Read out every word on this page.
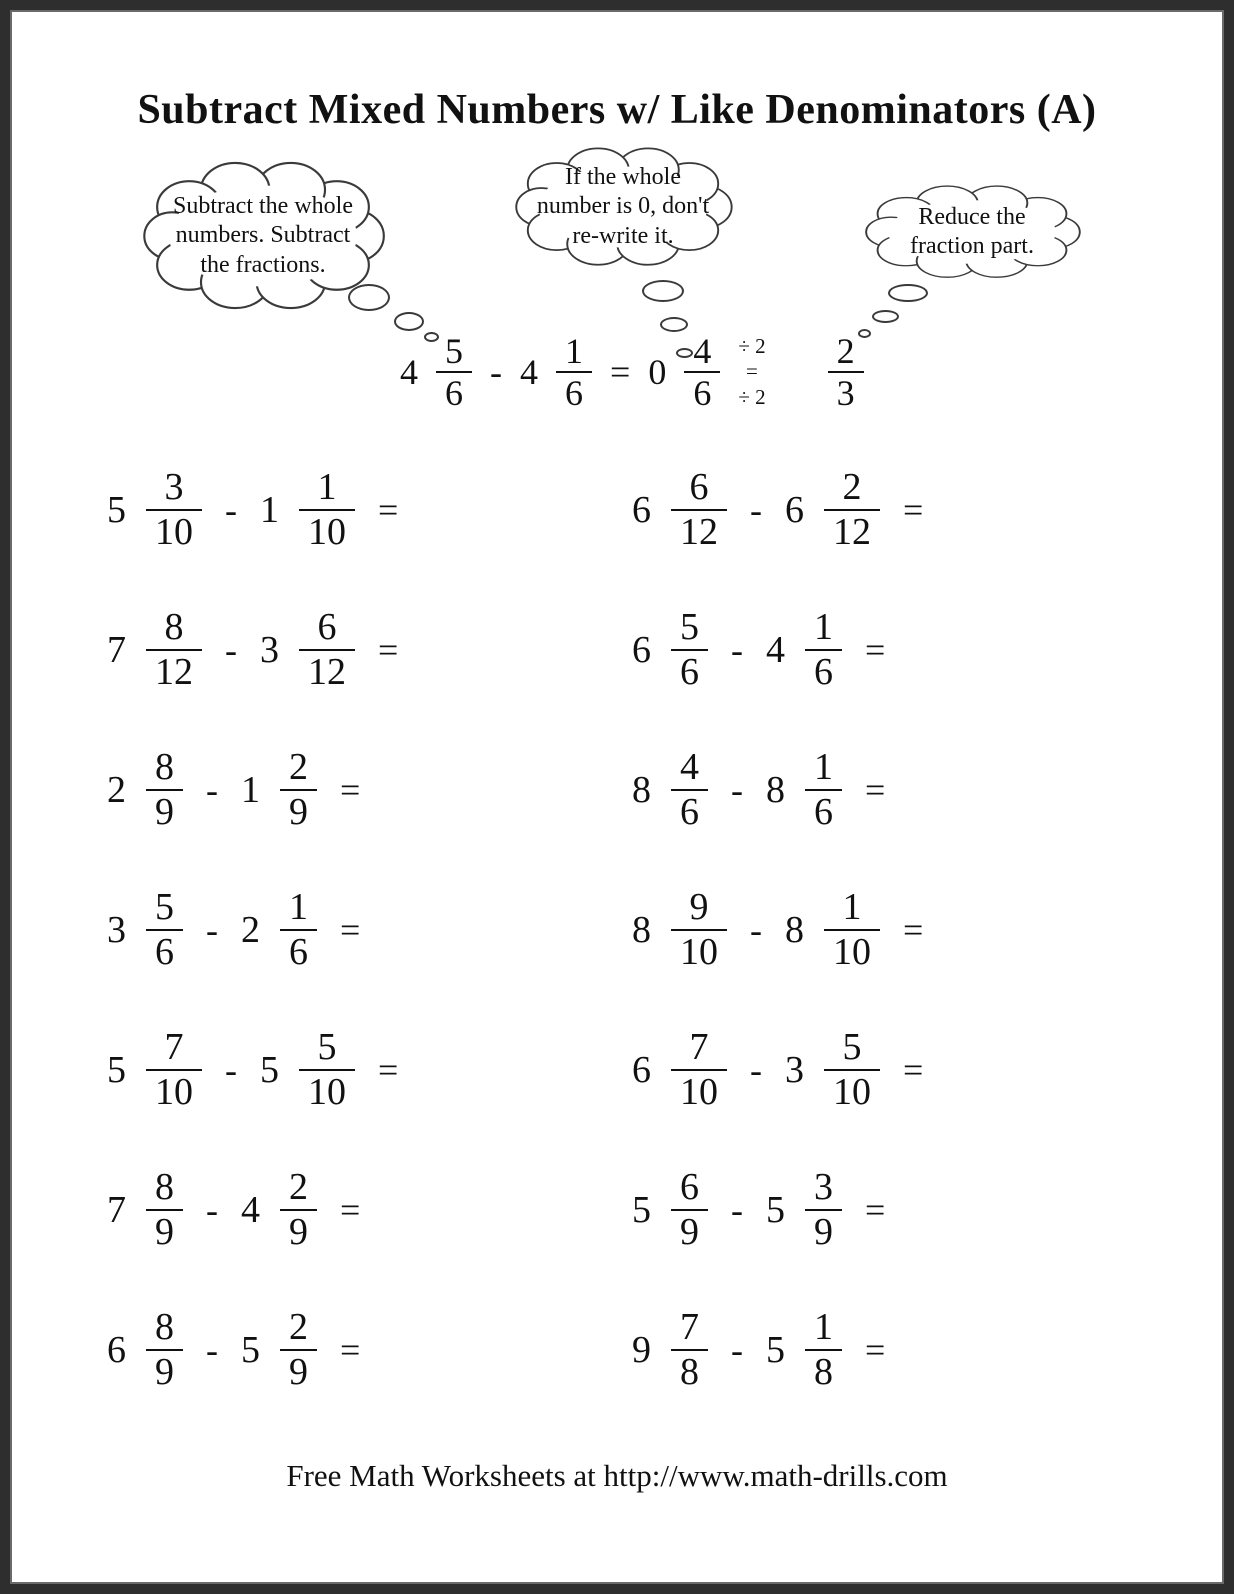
Subtract Mixed Numbers w/ Like Denominators (A)
Subtract the whole numbers. Subtract the fractions.
If the whole number is 0, don't re-write it.
Reduce the fraction part.
$4 \frac{5}{6} - 4 \frac{1}{6} = 0 \frac{4}{6} \div 2$
=
÷ $2 \frac{2}{3}$
$5 \frac{3}{10} - 1 \frac{1}{10}$ =	$6 \frac{6}{12} - 6 \frac{2}{12}$ =
$7 \frac{8}{12} - 3 \frac{6}{12}$ =	$6 \frac{5}{6} - 4 \frac{1}{6}$ =
$2 \frac{8}{9} - 1 \frac{2}{9}$ =	$8 \frac{4}{6} - 8 \frac{1}{6}$ =
$3 \frac{5}{6} - 2 \frac{1}{6}$ =	$8 \frac{9}{10} - 8 \frac{1}{10}$ =
$5 \frac{7}{10} - 5 \frac{5}{10}$ =	$6 \frac{7}{10} - 3 \frac{5}{10}$ =
$7 \frac{8}{9} - 4 \frac{2}{9}$ =	$5 \frac{6}{9} - 5 \frac{3}{9}$ =
$6 \frac{8}{9} - 5 \frac{2}{9}$ =	$9 \frac{7}{8} - 5 \frac{1}{8}$ =
Free Math Worksheets at http://www.math-drills.com
